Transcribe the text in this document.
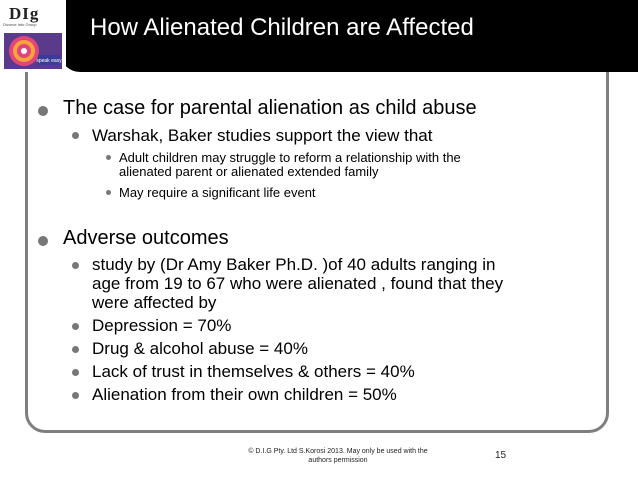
How Alienated Children are Affected
DIg
Divorce Info Group
speak easy
The case for parental alienation as child abuse
Warshak, Baker studies support the view that
Adult children may struggle to reform a relationship with the
alienated parent or alienated extended family
May require a significant life event
Adverse outcomes
study by (Dr Amy Baker Ph.D. )of 40 adults ranging in
age from 19 to 67 who were alienated , found that they
were affected by
Depression = 70%
Drug & alcohol abuse = 40%
Lack of trust in themselves & others = 40%
Alienation from their own children = 50%
© D.I.G Pty. Ltd S.Korosi 2013. May only be used with the
authors permission	15
